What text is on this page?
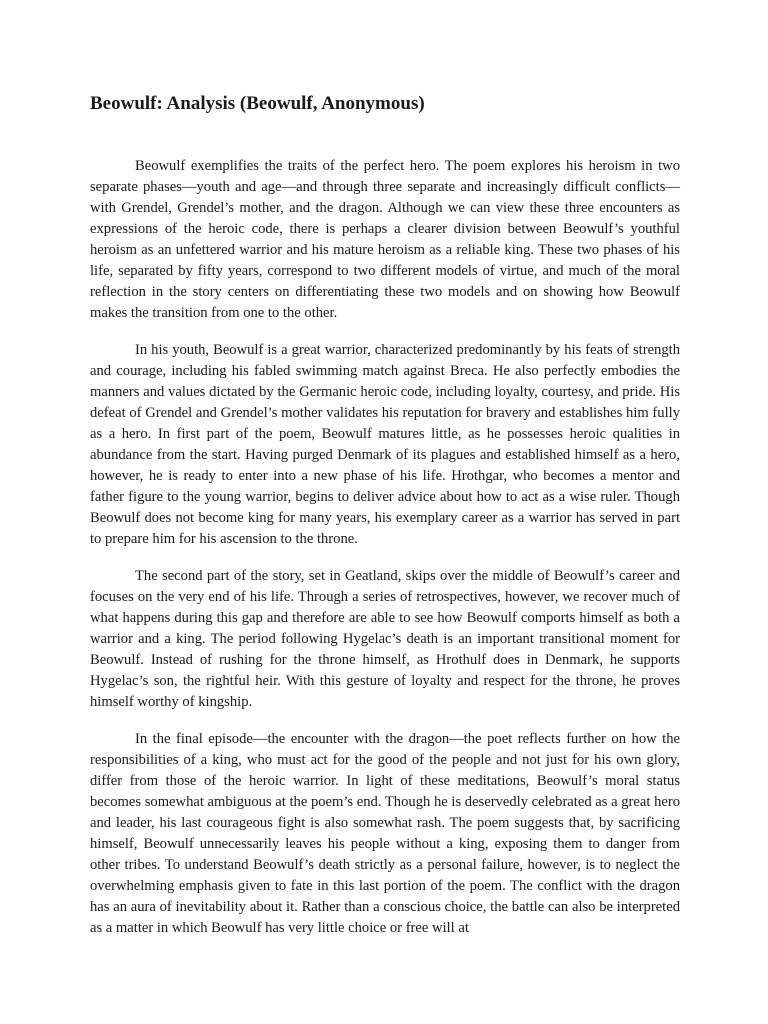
Beowulf: Analysis (Beowulf, Anonymous)

Beowulf exemplifies the traits of the perfect hero. The poem explores his heroism in two separate phases—youth and age—and through three separate and increasingly difficult conflicts—with Grendel, Grendel’s mother, and the dragon. Although we can view these three encounters as expressions of the heroic code, there is perhaps a clearer division between Beowulf’s youthful heroism as an unfettered warrior and his mature heroism as a reliable king. These two phases of his life, separated by fifty years, correspond to two different models of virtue, and much of the moral reflection in the story centers on differentiating these two models and on showing how Beowulf makes the transition from one to the other.

In his youth, Beowulf is a great warrior, characterized predominantly by his feats of strength and courage, including his fabled swimming match against Breca. He also perfectly embodies the manners and values dictated by the Germanic heroic code, including loyalty, courtesy, and pride. His defeat of Grendel and Grendel’s mother validates his reputation for bravery and establishes him fully as a hero. In first part of the poem, Beowulf matures little, as he possesses heroic qualities in abundance from the start. Having purged Denmark of its plagues and established himself as a hero, however, he is ready to enter into a new phase of his life. Hrothgar, who becomes a mentor and father figure to the young warrior, begins to deliver advice about how to act as a wise ruler. Though Beowulf does not become king for many years, his exemplary career as a warrior has served in part to prepare him for his ascension to the throne.

The second part of the story, set in Geatland, skips over the middle of Beowulf’s career and focuses on the very end of his life. Through a series of retrospectives, however, we recover much of what happens during this gap and therefore are able to see how Beowulf comports himself as both a warrior and a king. The period following Hygelac’s death is an important transitional moment for Beowulf. Instead of rushing for the throne himself, as Hrothulf does in Denmark, he supports Hygelac’s son, the rightful heir. With this gesture of loyalty and respect for the throne, he proves himself worthy of kingship.

In the final episode—the encounter with the dragon—the poet reflects further on how the responsibilities of a king, who must act for the good of the people and not just for his own glory, differ from those of the heroic warrior. In light of these meditations, Beowulf’s moral status becomes somewhat ambiguous at the poem’s end. Though he is deservedly celebrated as a great hero and leader, his last courageous fight is also somewhat rash. The poem suggests that, by sacrificing himself, Beowulf unnecessarily leaves his people without a king, exposing them to danger from other tribes. To understand Beowulf’s death strictly as a personal failure, however, is to neglect the overwhelming emphasis given to fate in this last portion of the poem. The conflict with the dragon has an aura of inevitability about it. Rather than a conscious choice, the battle can also be interpreted as a matter in which Beowulf has very little choice or free will at
